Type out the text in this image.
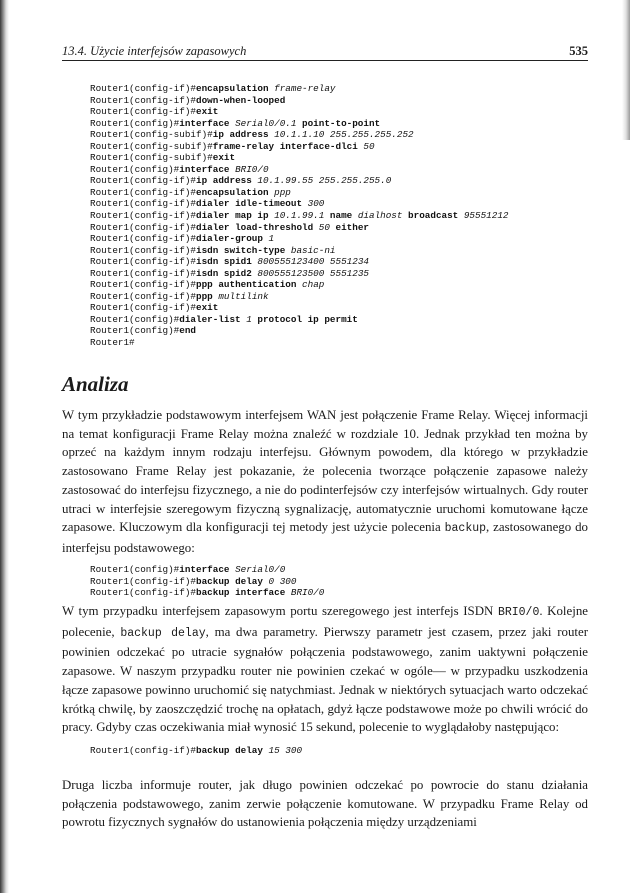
13.4. Użycie interfejsów zapasowych	535
Router1(config-if)#encapsulation frame-relay
Router1(config-if)#down-when-looped
Router1(config-if)#exit
Router1(config)#interface Serial0/0.1 point-to-point
Router1(config-subif)#ip address 10.1.1.10 255.255.255.252
Router1(config-subif)#frame-relay interface-dlci 50
Router1(config-subif)#exit
Router1(config)#interface BRI0/0
Router1(config-if)#ip address 10.1.99.55 255.255.255.0
Router1(config-if)#encapsulation ppp
Router1(config-if)#dialer idle-timeout 300
Router1(config-if)#dialer map ip 10.1.99.1 name dialhost broadcast 95551212
Router1(config-if)#dialer load-threshold 50 either
Router1(config-if)#dialer-group 1
Router1(config-if)#isdn switch-type basic-ni
Router1(config-if)#isdn spid1 800555123400 5551234
Router1(config-if)#isdn spid2 800555123500 5551235
Router1(config-if)#ppp authentication chap
Router1(config-if)#ppp multilink
Router1(config-if)#exit
Router1(config)#dialer-list 1 protocol ip permit
Router1(config)#end
Router1#
Analiza
W tym przykładzie podstawowym interfejsem WAN jest połączenie Frame Relay. Więcej informacji na temat konfiguracji Frame Relay można znaleźć w rozdziale 10. Jednak przykład ten można by oprzeć na każdym innym rodzaju interfejsu. Głównym powodem, dla którego w przykładzie zastosowano Frame Relay jest pokazanie, że polecenia tworzące połączenie zapasowe należy zastosować do interfejsu fizycznego, a nie do podinterfejsów czy interfejsów wirtualnych. Gdy router utraci w interfejsie szeregowym fizyczną sygnalizację, automatycznie uruchomi komutowane łącze zapasowe. Kluczowym dla konfiguracji tej metody jest użycie polecenia backup, zastosowanego do interfejsu podstawowego:
Router1(config)#interface Serial0/0
Router1(config-if)#backup delay 0 300
Router1(config-if)#backup interface BRI0/0
W tym przypadku interfejsem zapasowym portu szeregowego jest interfejs ISDN BRI0/0. Kolejne polecenie, backup delay, ma dwa parametry. Pierwszy parametr jest czasem, przez jaki router powinien odczekać po utracie sygnałów połączenia podstawowego, zanim uaktywni połączenie zapasowe. W naszym przypadku router nie powinien czekać w ogóle— w przypadku uszkodzenia łącze zapasowe powinno uruchomić się natychmiast. Jednak w niektórych sytuacjach warto odczekać krótką chwilę, by zaoszczędzić trochę na opłatach, gdyż łącze podstawowe może po chwili wrócić do pracy. Gdyby czas oczekiwania miał wynosić 15 sekund, polecenie to wyglądałoby następująco:
Router1(config-if)#backup delay 15 300
Druga liczba informuje router, jak długo powinien odczekać po powrocie do stanu działania połączenia podstawowego, zanim zerwie połączenie komutowane. W przypadku Frame Relay od powrotu fizycznych sygnałów do ustanowienia połączenia między urządzeniami
